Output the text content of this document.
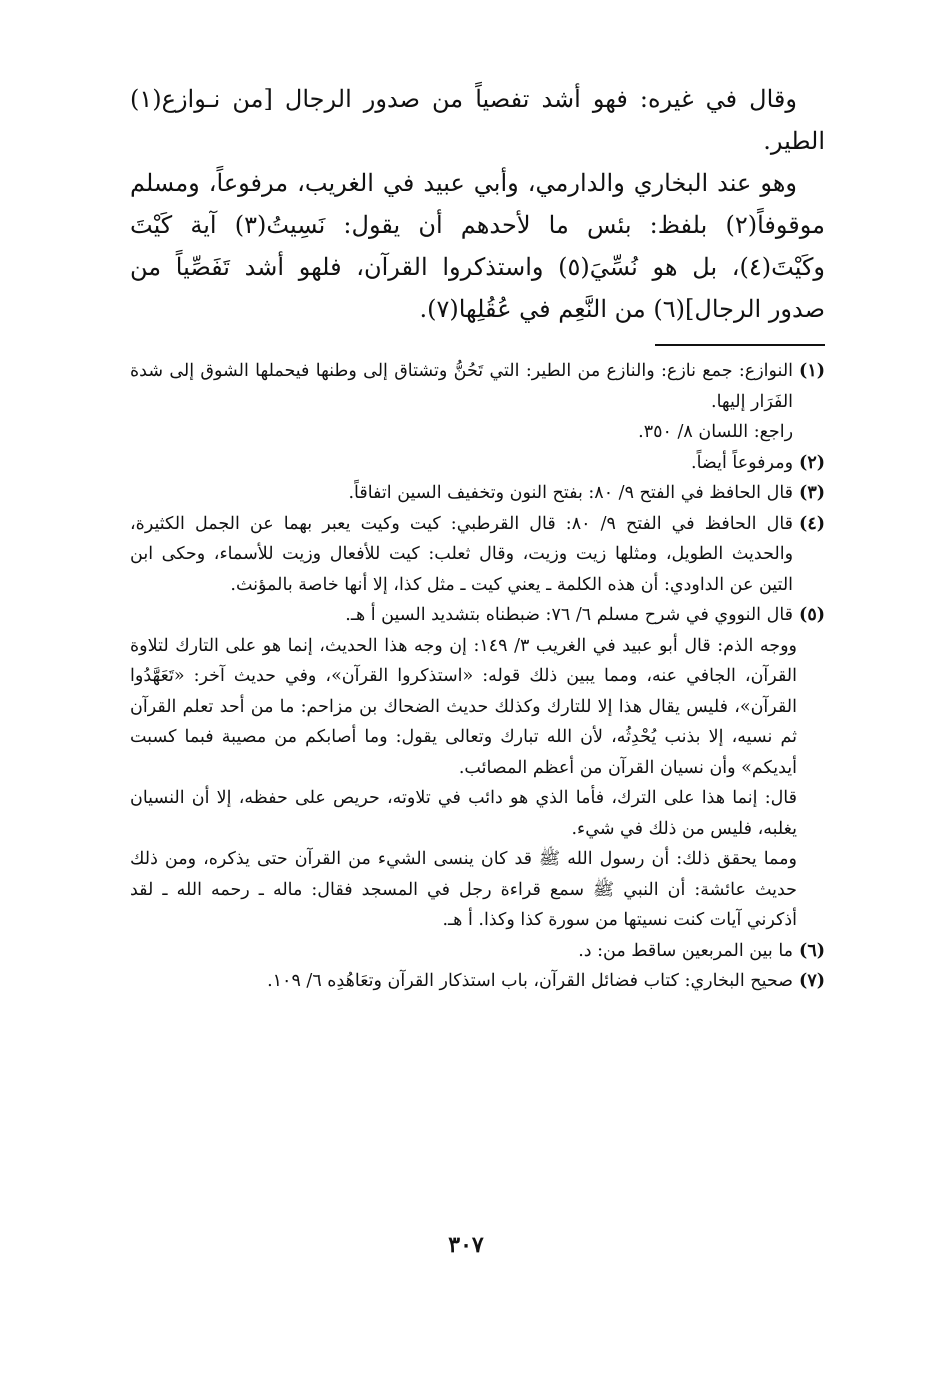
وقال في غيره: فهو أشد تفصياً من صدور الرجال [من نـوازع(١) الطير.

وهو عند البخاري والدارمي، وأبي عبيد في الغريب، مرفوعاً، ومسلم موقوفاً(٢) بلفظ: بئس ما لأحدهم أن يقول: نَسِيتُ(٣) آية كَيْتَ وكَيْتَ(٤)، بل هو نُسِّيَ(٥) واستذكروا القرآن، فلهو أشد تَفَصِّياً من صدور الرجال](٦) من النَّعِم في عُقُلِها(٧).

(١)

النوازع: جمع نازع: والنازع من الطير: التي تَحُنُّ وتشتاق إلى وطنها فيحملها الشوق إلى شدة الفَرَار إليها.

راجع: اللسان ٨/ ٣٥٠.

(٢)

ومرفوعاً أيضاً.

(٣)

قال الحافظ في الفتح ٩/ ٨٠: بفتح النون وتخفيف السين اتفاقاً.

(٤)

قال الحافظ في الفتح ٩/ ٨٠: قال القرطبي: كيت وكيت يعبر بهما عن الجمل الكثيرة، والحديث الطويل، ومثلها زيت وزيت، وقال ثعلب: كيت للأفعال وزيت للأسماء، وحكى ابن التين عن الداودي: أن هذه الكلمة ـ يعني كيت ـ مثل كذا، إلا أنها خاصة بالمؤنث.

(٥)

قال النووي في شرح مسلم ٦/ ٧٦: ضبطناه بتشديد السين أ هـ.

ووجه الذم: قال أبو عبيد في الغريب ٣/ ١٤٩: إن وجه هذا الحديث، إنما هو على التارك لتلاوة القرآن، الجافي عنه، ومما يبين ذلك قوله: «استذكروا القرآن»، وفي حديث آخر: «تَعَهَّدُوا القرآن»، فليس يقال هذا إلا للتارك وكذلك حديث الضحاك بن مزاحم: ما من أحد تعلم القرآن ثم نسيه، إلا بذنب يُحْدِثُه، لأن الله تبارك وتعالى يقول: وما أصابكم من مصيبة فبما كسبت أيديكم» وأن نسيان القرآن من أعظم المصائب.

قال: إنما هذا على الترك، فأما الذي هو دائب في تلاوته، حريص على حفظه، إلا أن النسيان يغلبه، فليس من ذلك في شيء.

ومما يحقق ذلك: أن رسول الله ﷺ قد كان ينسى الشيء من القرآن حتى يذكره، ومن ذلك حديث عائشة: أن النبي ﷺ سمع قراءة رجل في المسجد فقال: ماله ـ رحمه الله ـ لقد أذكرني آيات كنت نسيتها من سورة كذا وكذا. أ هـ.

(٦)

ما بين المربعين ساقط من: د.

(٧)

صحيح البخاري: كتاب فضائل القرآن، باب استذكار القرآن وتعَاهُدِه ٦/ ١٠٩.

٣٠٧
